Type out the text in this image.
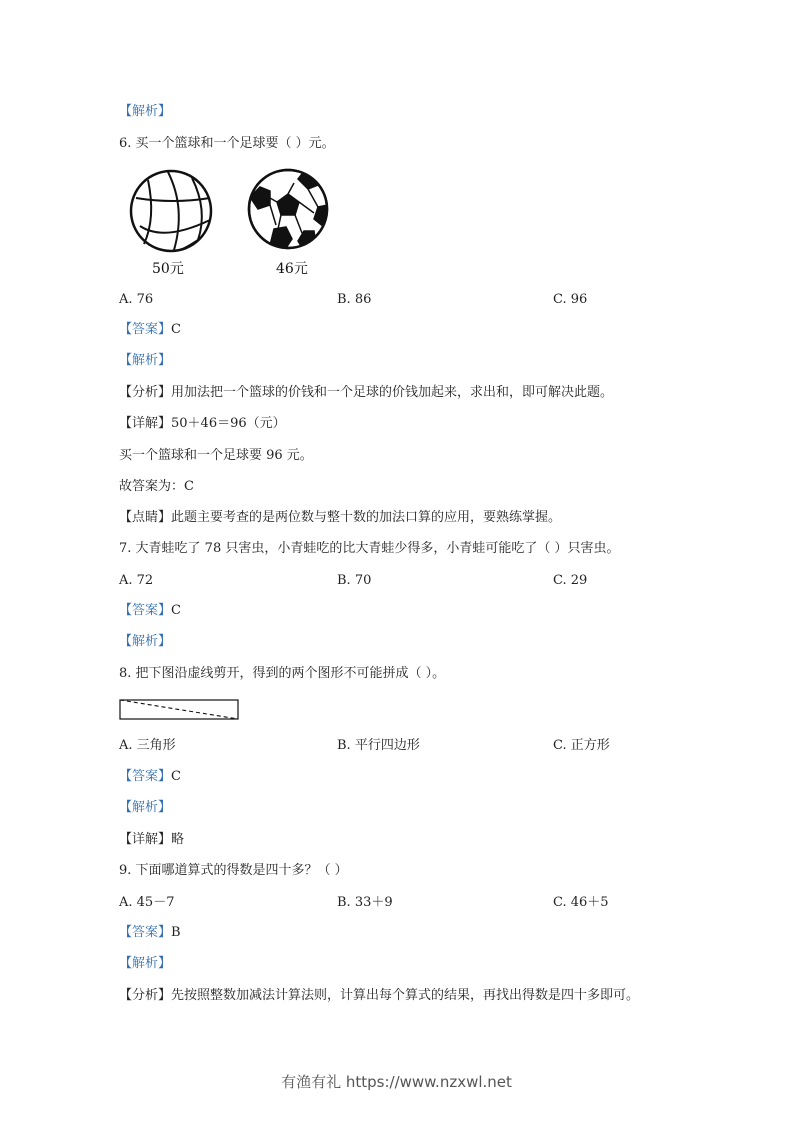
【解析】
6. 买一个篮球和一个足球要（ ）元。
50元	46元
A. 76	B. 86	C. 96
【答案】C
【解析】
【分析】用加法把一个篮球的价钱和一个足球的价钱加起来，求出和，即可解决此题。
【详解】50＋46＝96（元）
买一个篮球和一个足球要 96 元。
故答案为：C
【点睛】此题主要考查的是两位数与整十数的加法口算的应用，要熟练掌握。
7. 大青蛙吃了 78 只害虫，小青蛙吃的比大青蛙少得多，小青蛙可能吃了（ ）只害虫。
A. 72	B. 70	C. 29
【答案】C
【解析】
8. 把下图沿虚线剪开，得到的两个图形不可能拼成（ ）。
A. 三角形	B. 平行四边形	C. 正方形
【答案】C
【解析】
【详解】略
9. 下面哪道算式的得数是四十多？（ ）
A. 45－7	B. 33＋9	C. 46＋5
【答案】B
【解析】
【分析】先按照整数加减法计算法则，计算出每个算式的结果，再找出得数是四十多即可。
有渔有礼 https://www.nzxwl.net
